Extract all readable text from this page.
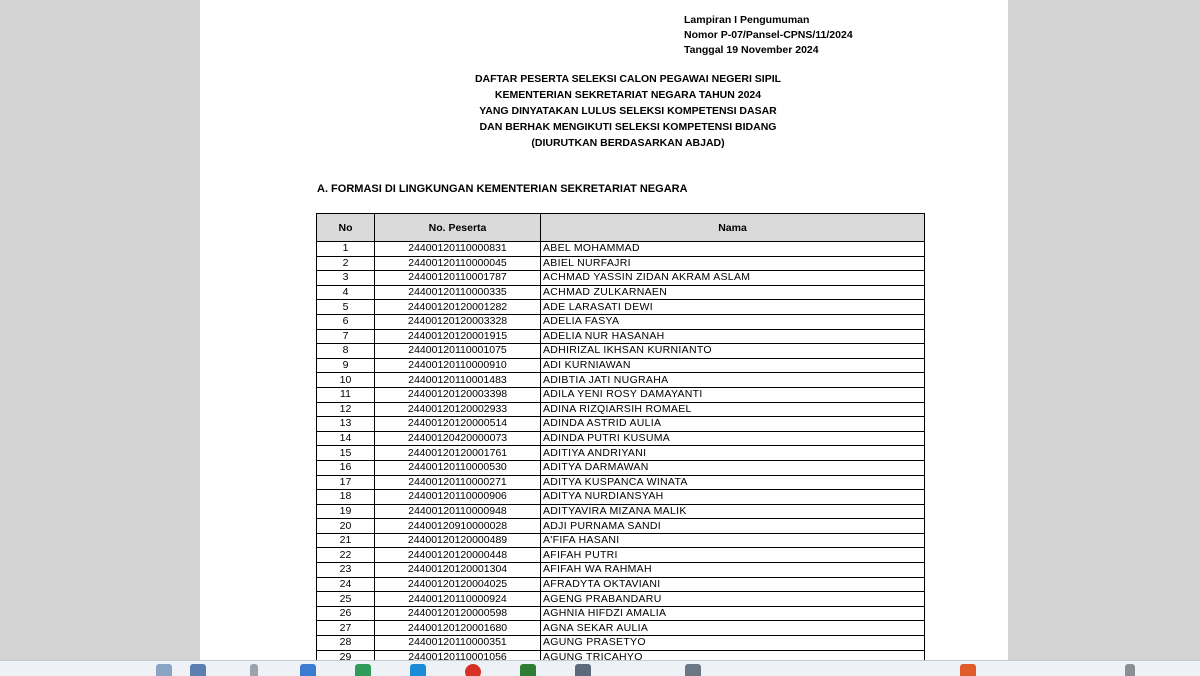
Lampiran I Pengumuman
Nomor P-07/Pansel-CPNS/11/2024
Tanggal 19 November 2024
DAFTAR PESERTA SELEKSI CALON PEGAWAI NEGERI SIPIL
KEMENTERIAN SEKRETARIAT NEGARA TAHUN 2024
YANG DINYATAKAN LULUS SELEKSI KOMPETENSI DASAR
DAN BERHAK MENGIKUTI SELEKSI KOMPETENSI BIDANG
(DIURUTKAN BERDASARKAN ABJAD)
A. FORMASI DI LINGKUNGAN KEMENTERIAN SEKRETARIAT NEGARA
No	No. Peserta	Nama
1	24400120110000831	ABEL MOHAMMAD
2	24400120110000045	ABIEL NURFAJRI
3	24400120110001787	ACHMAD YASSIN ZIDAN AKRAM ASLAM
4	24400120110000335	ACHMAD ZULKARNAEN
5	24400120120001282	ADE LARASATI DEWI
6	24400120120003328	ADELIA FASYA
7	24400120120001915	ADELIA NUR HASANAH
8	24400120110001075	ADHIRIZAL IKHSAN KURNIANTO
9	24400120110000910	ADI KURNIAWAN
10	24400120110001483	ADIBTIA JATI NUGRAHA
11	24400120120003398	ADILA YENI ROSY DAMAYANTI
12	24400120120002933	ADINA RIZQIARSIH ROMAEL
13	24400120120000514	ADINDA ASTRID AULIA
14	24400120420000073	ADINDA PUTRI KUSUMA
15	24400120120001761	ADITIYA ANDRIYANI
16	24400120110000530	ADITYA DARMAWAN
17	24400120110000271	ADITYA KUSPANCA WINATA
18	24400120110000906	ADITYA NURDIANSYAH
19	24400120110000948	ADITYAVIRA MIZANA MALIK
20	24400120910000028	ADJI PURNAMA SANDI
21	24400120120000489	A'FIFA HASANI
22	24400120120000448	AFIFAH PUTRI
23	24400120120001304	AFIFAH WA RAHMAH
24	24400120120004025	AFRADYTA OKTAVIANI
25	24400120110000924	AGENG PRABANDARU
26	24400120120000598	AGHNIA HIFDZI AMALIA
27	24400120120001680	AGNA SEKAR AULIA
28	24400120110000351	AGUNG PRASETYO
29	24400120110001056	AGUNG TRICAHYO
